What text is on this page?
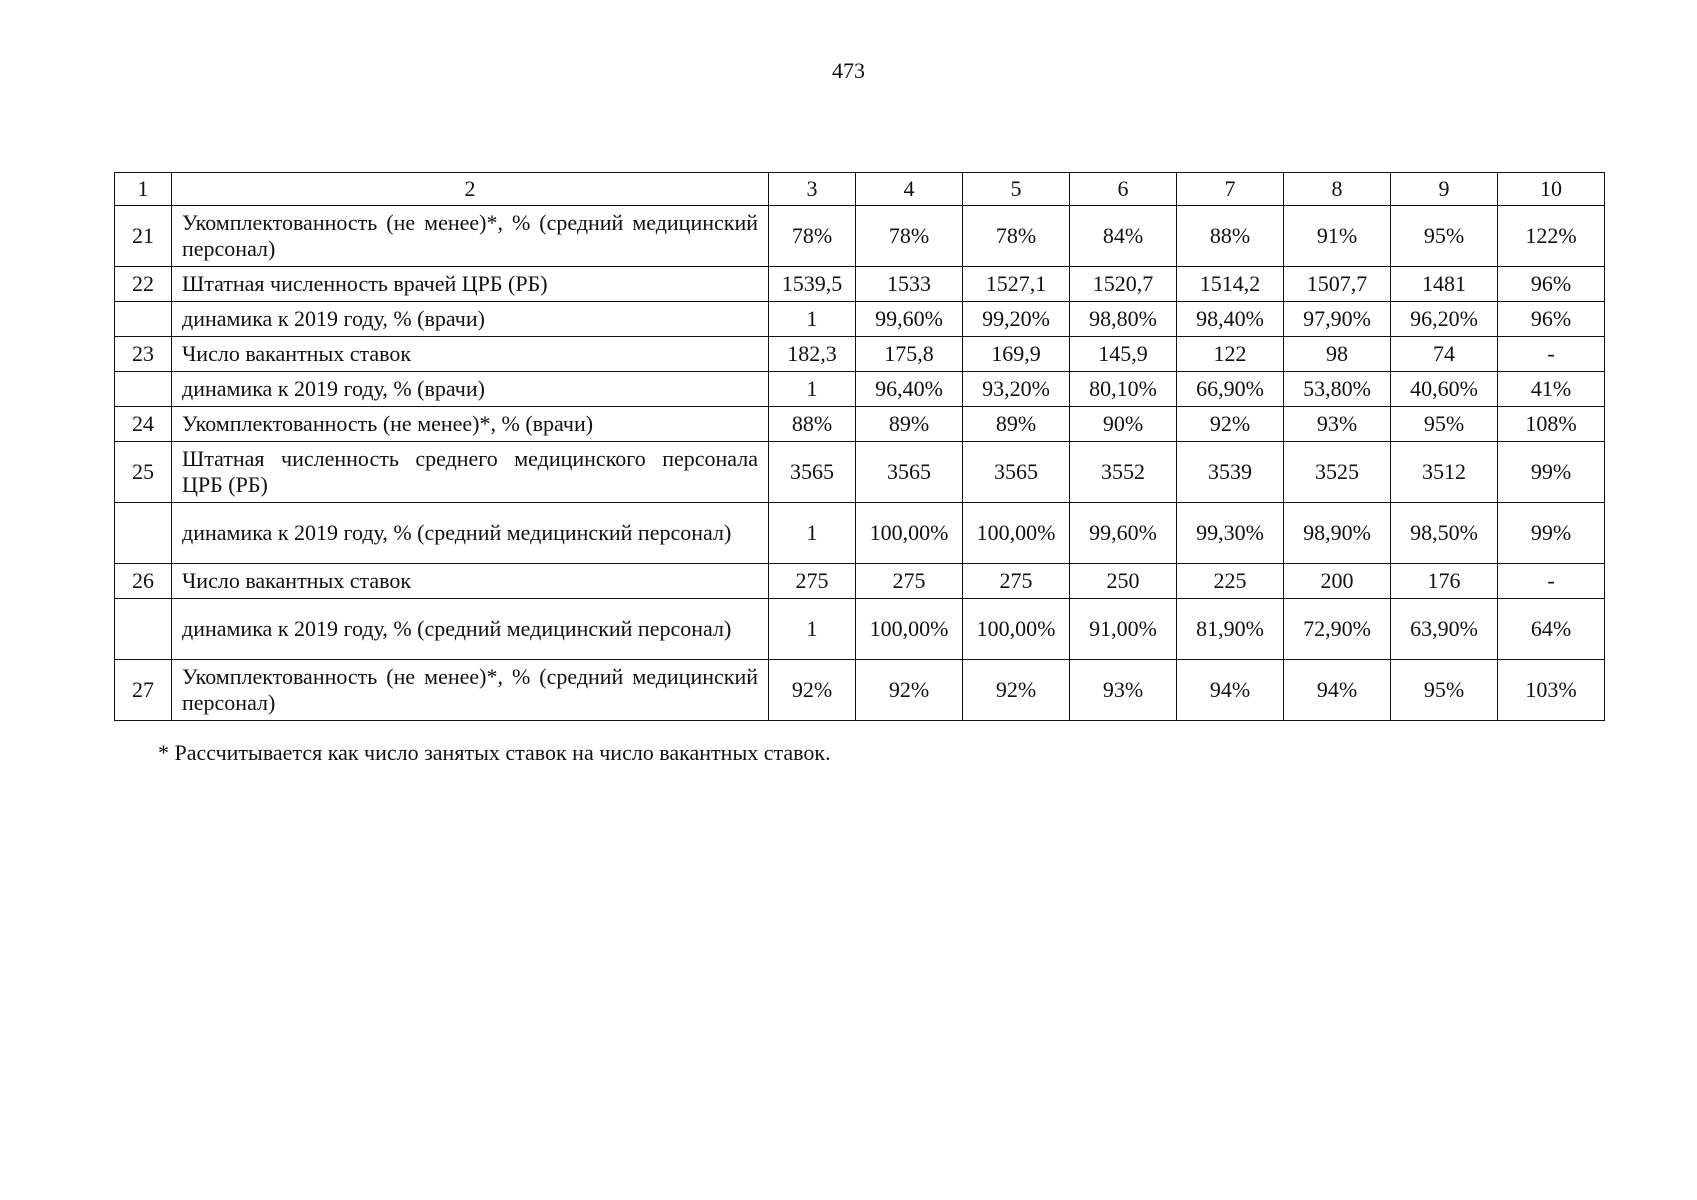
473
1	2	3	4	5	6	7	8	9	10
21	Укомплектованность (не менее)*, % (средний медицинский персонал)	78%	78%	78%	84%	88%	91%	95%	122%
22	Штатная численность врачей ЦРБ (РБ)	1539,5	1533	1527,1	1520,7	1514,2	1507,7	1481	96%
	динамика к 2019 году, % (врачи)	1	99,60%	99,20%	98,80%	98,40%	97,90%	96,20%	96%
23	Число вакантных ставок	182,3	175,8	169,9	145,9	122	98	74	-
	динамика к 2019 году, % (врачи)	1	96,40%	93,20%	80,10%	66,90%	53,80%	40,60%	41%
24	Укомплектованность (не менее)*, % (врачи)	88%	89%	89%	90%	92%	93%	95%	108%
25	Штатная численность среднего медицинского персонала ЦРБ (РБ)	3565	3565	3565	3552	3539	3525	3512	99%
	динамика к 2019 году, % (средний медицинский персонал)	1	100,00%	100,00%	99,60%	99,30%	98,90%	98,50%	99%
26	Число вакантных ставок	275	275	275	250	225	200	176	-
	динамика к 2019 году, % (средний медицинский персонал)	1	100,00%	100,00%	91,00%	81,90%	72,90%	63,90%	64%
27	Укомплектованность (не менее)*, % (средний медицинский персонал)	92%	92%	92%	93%	94%	94%	95%	103%
* Рассчитывается как число занятых ставок на число вакантных ставок.
